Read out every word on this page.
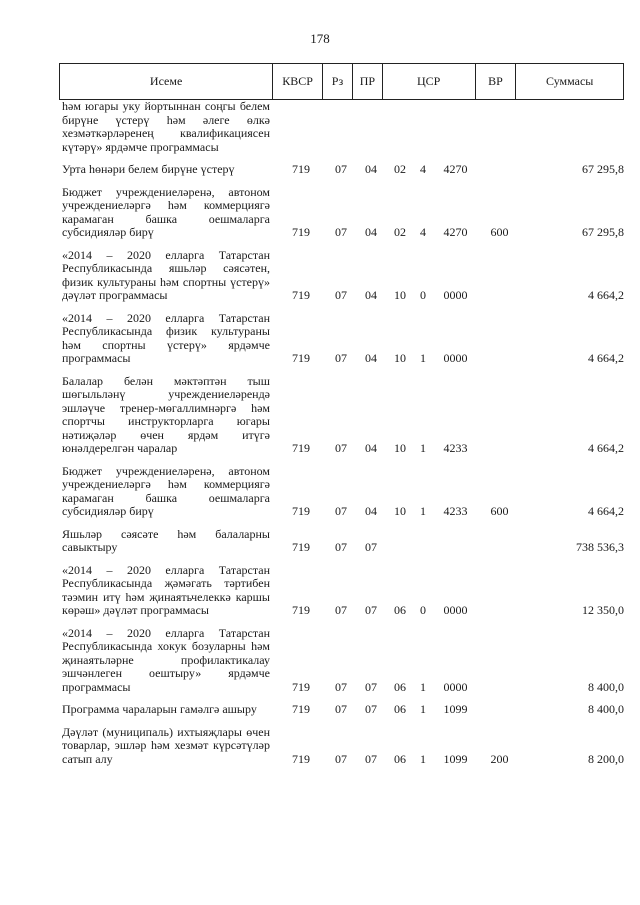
178
Исеме	КВСР	Рз	ПР	ЦСР	ВР	Суммасы
һәм югары уку йортыннан соңгы белем бирүне үстерү һәм әлеге өлкә хезмәткәрләренең квалификациясен күтәрү» ярдәмче программасы
Урта һөнәри белем бирүне үстерү	719	07	04	02	4	4270	67 295,8
Бюджет учреждениеләренә, автоном учреждениеләргә һәм коммерциягә карамаган башка оешмаларга субсидияләр бирү	719	07	04	02	4	4270	600	67 295,8
«2014 – 2020 елларга Татарстан Республикасында яшьләр сәясәтен, физик культураны һәм спортны үстерү» дәүләт программасы	719	07	04	10	0	0000	4 664,2
«2014 – 2020 елларга Татарстан Республикасында физик культураны һәм спортны үстерү» ярдәмче программасы	719	07	04	10	1	0000	4 664,2
Балалар белән мәктәптән тыш шөгыльләнү учреждениеләрендә эшләүче тренер-мөгаллимнәргә һәм спортчы инструкторларга югары нәтиҗәләр өчен ярдәм итүгә юнәлдерелгән чаралар	719	07	04	10	1	4233	4 664,2
Бюджет учреждениеләренә, автоном учреждениеләргә һәм коммерциягә карамаган башка оешмаларга субсидияләр бирү	719	07	04	10	1	4233	600	4 664,2
Яшьләр сәясәте һәм балаларны савыктыру	719	07	07	738 536,3
«2014 – 2020 елларга Татарстан Республикасында җәмәгать тәртибен тәэмин итү һәм җинаятьчелеккә каршы көрәш» дәүләт программасы	719	07	07	06	0	0000	12 350,0
«2014 – 2020 елларга Татарстан Республикасында хокук бозуларны һәм җинаятьләрне профилактикалау эшчәнлеген оештыру» ярдәмче программасы	719	07	07	06	1	0000	8 400,0
Программа чараларын гамәлгә ашыру	719	07	07	06	1	1099	8 400,0
Дәүләт (муниципаль) ихтыяҗлары өчен товарлар, эшләр һәм хезмәт күрсәтүләр сатып алу	719	07	07	06	1	1099	200	8 200,0
